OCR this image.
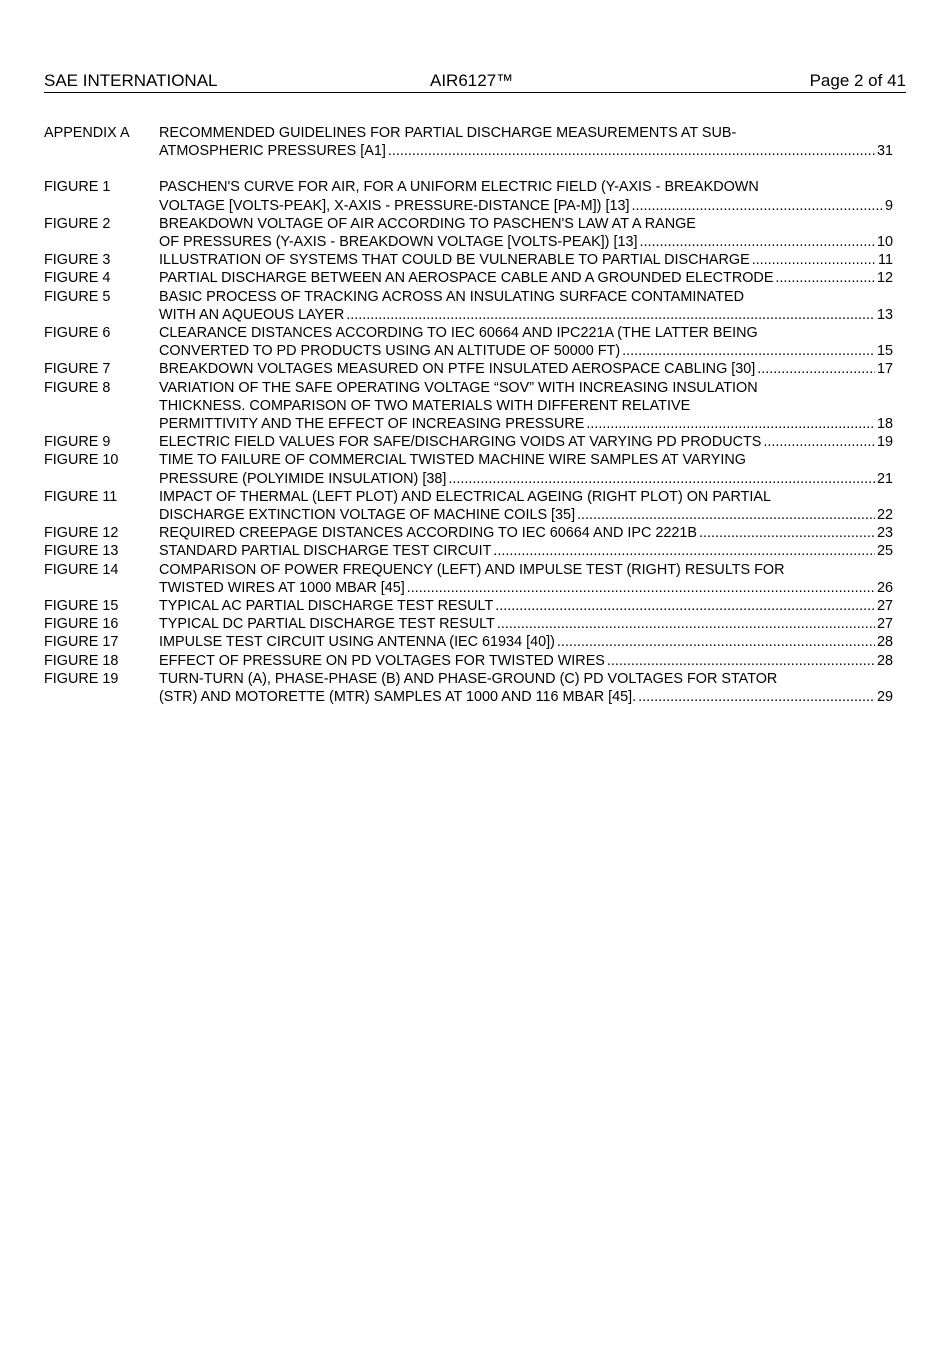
SAE INTERNATIONAL	AIR6127™	Page 2 of 41
APPENDIX A	RECOMMENDED GUIDELINES FOR PARTIAL DISCHARGE MEASUREMENTS AT SUB-
ATMOSPHERIC PRESSURES [A1] .....	31
FIGURE 1	PASCHEN'S CURVE FOR AIR, FOR A UNIFORM ELECTRIC FIELD (Y-AXIS - BREAKDOWN
VOLTAGE [VOLTS-PEAK], X-AXIS - PRESSURE-DISTANCE [PA-M]) [13] .....	9
FIGURE 2	BREAKDOWN VOLTAGE OF AIR ACCORDING TO PASCHEN'S LAW AT A RANGE
OF PRESSURES (Y-AXIS - BREAKDOWN VOLTAGE [VOLTS-PEAK]) [13] .....	10
FIGURE 3	ILLUSTRATION OF SYSTEMS THAT COULD BE VULNERABLE TO PARTIAL DISCHARGE .....	11
FIGURE 4	PARTIAL DISCHARGE BETWEEN AN AEROSPACE CABLE AND A GROUNDED ELECTRODE .....	12
FIGURE 5	BASIC PROCESS OF TRACKING ACROSS AN INSULATING SURFACE CONTAMINATED
WITH AN AQUEOUS LAYER .....	13
FIGURE 6	CLEARANCE DISTANCES ACCORDING TO IEC 60664 AND IPC221A (THE LATTER BEING
CONVERTED TO PD PRODUCTS USING AN ALTITUDE OF 50000 FT) .....	15
FIGURE 7	BREAKDOWN VOLTAGES MEASURED ON PTFE INSULATED AEROSPACE CABLING [30] .....	17
FIGURE 8	VARIATION OF THE SAFE OPERATING VOLTAGE “SOV” WITH INCREASING INSULATION
THICKNESS. COMPARISON OF TWO MATERIALS WITH DIFFERENT RELATIVE
PERMITTIVITY AND THE EFFECT OF INCREASING PRESSURE .....	18
FIGURE 9	ELECTRIC FIELD VALUES FOR SAFE/DISCHARGING VOIDS AT VARYING PD PRODUCTS .....	19
FIGURE 10	TIME TO FAILURE OF COMMERCIAL TWISTED MACHINE WIRE SAMPLES AT VARYING
PRESSURE (POLYIMIDE INSULATION) [38] .....	21
FIGURE 11	IMPACT OF THERMAL (LEFT PLOT) AND ELECTRICAL AGEING (RIGHT PLOT) ON PARTIAL
DISCHARGE EXTINCTION VOLTAGE OF MACHINE COILS [35] .....	22
FIGURE 12	REQUIRED CREEPAGE DISTANCES ACCORDING TO IEC 60664 AND IPC 2221B .....	23
FIGURE 13	STANDARD PARTIAL DISCHARGE TEST CIRCUIT .....	25
FIGURE 14	COMPARISON OF POWER FREQUENCY (LEFT) AND IMPULSE TEST (RIGHT) RESULTS FOR
TWISTED WIRES AT 1000 MBAR [45] .....	26
FIGURE 15	TYPICAL AC PARTIAL DISCHARGE TEST RESULT .....	27
FIGURE 16	TYPICAL DC PARTIAL DISCHARGE TEST RESULT .....	27
FIGURE 17	IMPULSE TEST CIRCUIT USING ANTENNA (IEC 61934 [40]) .....	28
FIGURE 18	EFFECT OF PRESSURE ON PD VOLTAGES FOR TWISTED WIRES .....	28
FIGURE 19	TURN-TURN (A), PHASE-PHASE (B) AND PHASE-GROUND (C) PD VOLTAGES FOR STATOR
(STR) AND MOTORETTE (MTR) SAMPLES AT 1000 AND 116 MBAR [45]. .....	29
